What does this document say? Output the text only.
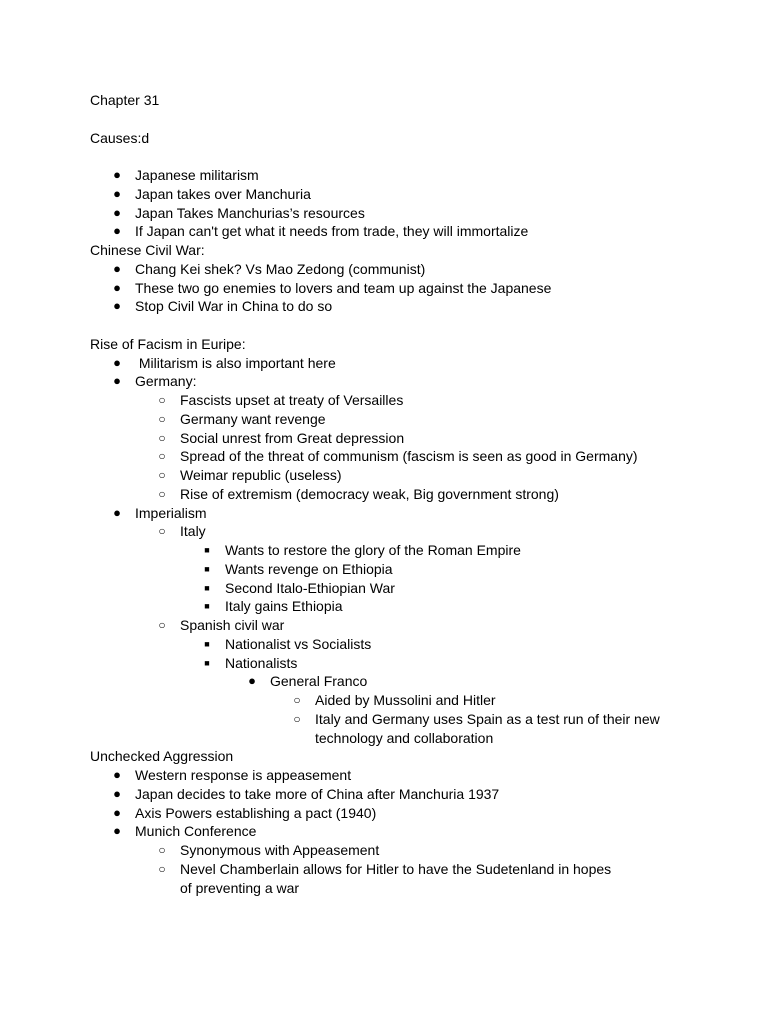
Chapter 31
Causes:d
● Japanese militarism
● Japan takes over Manchuria
● Japan Takes Manchurias’s resources
● If Japan can't get what it needs from trade, they will immortalize
Chinese Civil War:
● Chang Kei shek? Vs Mao Zedong (communist)
● These two go enemies to lovers and team up against the Japanese
● Stop Civil War in China to do so
Rise of Facism in Euripe:
● Militarism is also important here
● Germany:
○ Fascists upset at treaty of Versailles
○ Germany want revenge
○ Social unrest from Great depression
○ Spread of the threat of communism (fascism is seen as good in Germany)
○ Weimar republic (useless)
○ Rise of extremism (democracy weak, Big government strong)
● Imperialism
○ Italy
■	Wants to restore the glory of the Roman Empire
■	Wants revenge on Ethiopia
■	Second Italo-Ethiopian War
■	Italy gains Ethiopia
○ Spanish civil war
■	Nationalist vs Socialists
■	Nationalists
● General Franco
○ Aided by Mussolini and Hitler
○ Italy and Germany uses Spain as a test run of their new technology and collaboration
Unchecked Aggression
● Western response is appeasement
● Japan decides to take more of China after Manchuria 1937
● Axis Powers establishing a pact (1940)
● Munich Conference
○ Synonymous with Appeasement
○ Nevel Chamberlain allows for Hitler to have the Sudetenland in hopes of preventing a war
